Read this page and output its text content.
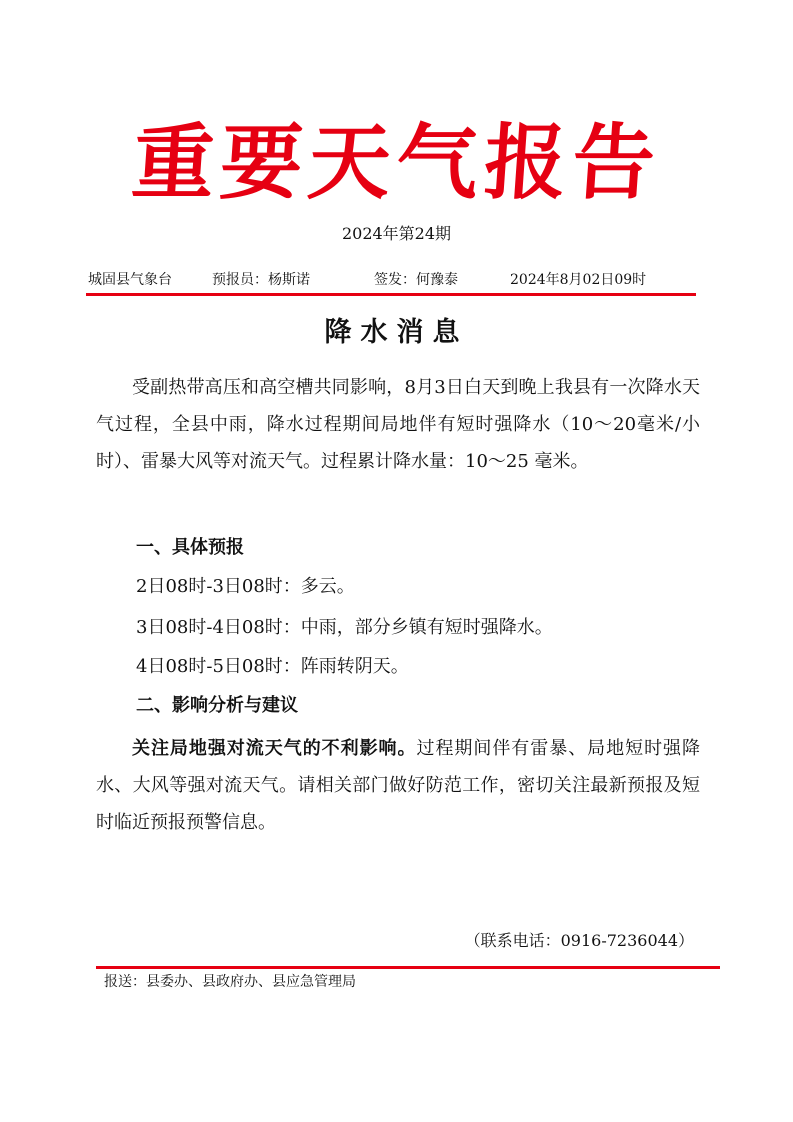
重要天气报告
2024年第24期
城固县气象台	预报员：杨斯诺	签发：何豫泰	2024年8月02日09时
降水消息
受副热带高压和高空槽共同影响，8月3日白天到晚上我县有一次降水天气过程，全县中雨，降水过程期间局地伴有短时强降水（10～20毫米/小时）、雷暴大风等对流天气。过程累计降水量：10～25 毫米。
一、具体预报
2日08时-3日08时：多云。
3日08时-4日08时：中雨，部分乡镇有短时强降水。
4日08时-5日08时：阵雨转阴天。
二、影响分析与建议
关注局地强对流天气的不利影响。过程期间伴有雷暴、局地短时强降水、大风等强对流天气。请相关部门做好防范工作，密切关注最新预报及短时临近预报预警信息。
（联系电话：0916-7236044）
报送：县委办、县政府办、县应急管理局
